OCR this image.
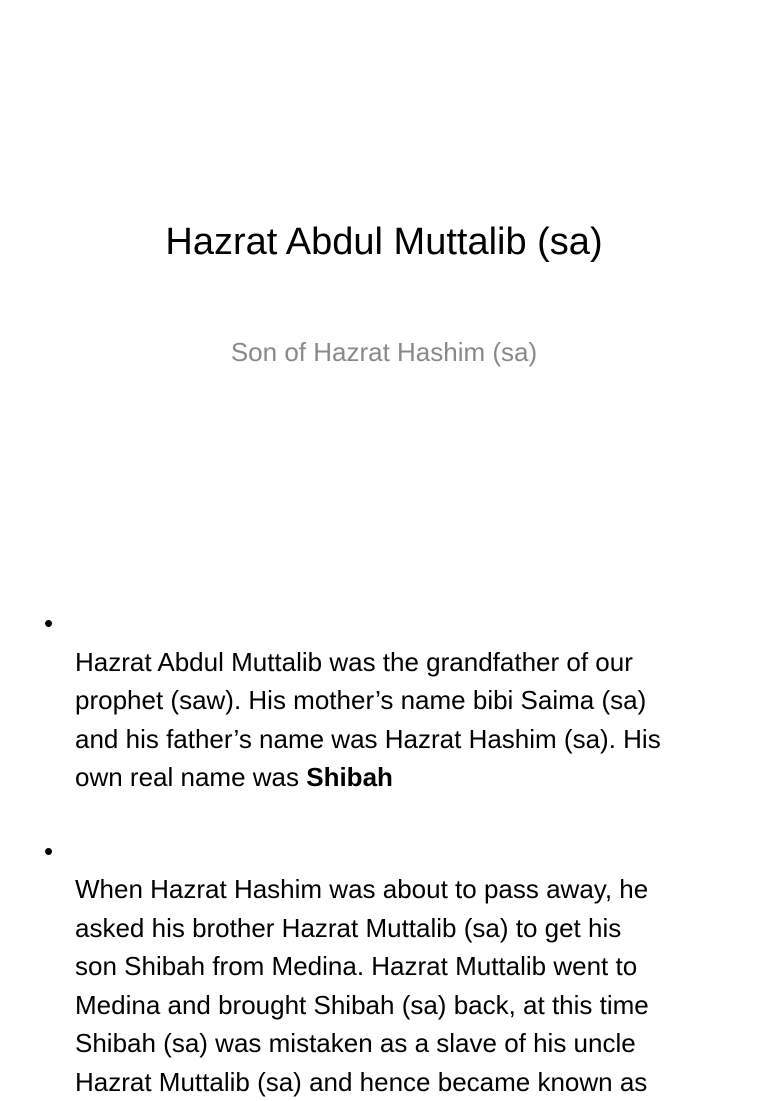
Hazrat Abdul Muttalib (sa)
Son of Hazrat Hashim (sa)

•
Hazrat Abdul Muttalib was the grandfather of our
prophet (saw). His mother’s name bibi Saima (sa)
and his father’s name was Hazrat Hashim (sa). His
own real name was Shibah

•
When Hazrat Hashim was about to pass away, he
asked his brother Hazrat Muttalib (sa) to get his
son Shibah from Medina. Hazrat Muttalib went to
Medina and brought Shibah (sa) back, at this time
Shibah (sa) was mistaken as a slave of his uncle
Hazrat Muttalib (sa) and hence became known as
